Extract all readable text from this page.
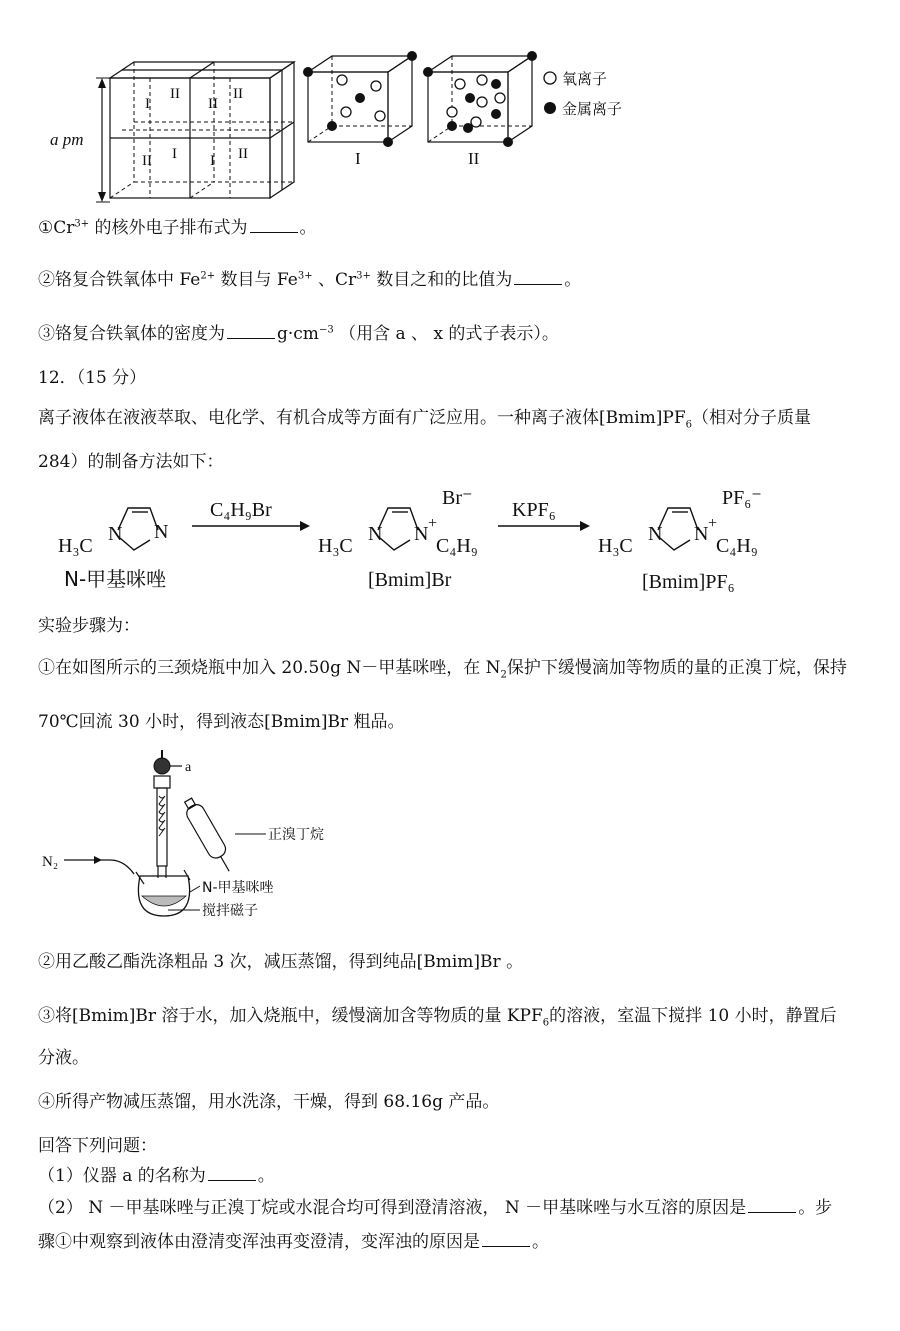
a pm
I
II
II
II
II I I II	I	II
氧离子
金属离子
$①Cr^{3+}$ 的核外电子排布式为	。
②铬复合铁氧体中 $Fe^{2+}$ 数目与 $Fe^{3+}$ 、$Cr^{3+}$ 数目之和的比值为	。
③铬复合铁氧体的密度为	$g\cdot cm^{-3}$ （用含 a 、 x 的式子表示）。
12．（15 分）
离子液体在液液萃取、电化学、有机合成等方面有广泛应用。一种离子液体$[Bmim]PF_6$（相对分子质量
284）的制备方法如下：
H₃C
N N
N-甲基咪唑
C₄H₉Br
H₃C
N N +
Br⁻
C₄H₉
[Bmim]Br
KPF₆
H₃C
N N +
PF₆⁻
C₄H₉
[Bmim]PF₆
实验步骤为：
①在如图所示的三颈烧瓶中加入 20.50g N－甲基咪唑，在 $N_2$保护下缓慢滴加等物质的量的正溴丁烷，保持
70℃回流 30 小时，得到液态[Bmim]Br 粗品。
a
正溴丁烷
N-甲基咪唑
搅拌磁子
N₂
②用乙酸乙酯洗涤粗品 3 次，减压蒸馏，得到纯品[Bmim]Br 。
③将[Bmim]Br 溶于水，加入烧瓶中，缓慢滴加含等物质的量 $KPF_6$的溶液，室温下搅拌 10 小时，静置后
分液。
④所得产物减压蒸馏，用水洗涤，干燥，得到 68.16g 产品。
回答下列问题：
（1）仪器 a 的名称为	。
（2） N －甲基咪唑与正溴丁烷或水混合均可得到澄清溶液， N －甲基咪唑与水互溶的原因是	。步
骤①中观察到液体由澄清变浑浊再变澄清，变浑浊的原因是	。
